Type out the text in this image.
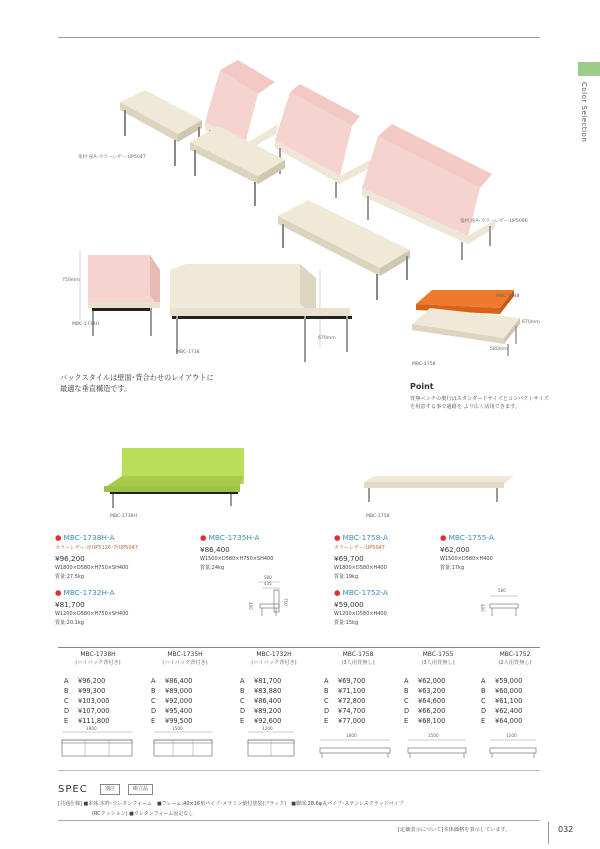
Color Selection
張材:座A･カラーレザー:UP5047
張材:座A･カラーレザー:UP5096
750mm
MBC-1738H
MBC-1738
670mm
MBC-1748
670mm
580mm
MBC-1758
バックスタイルは壁面･背合わせのレイアウトに最適な垂直構造です。	Point
背無ベンチの奥行はスタンダードサイズとコンパクトサイズを用意する事で通路を より広く活用できます。
MBC-1738H	MBC-1758
● MBC-1738H-A
カラーレザー:座UP5126･背UP5047
¥96,200
W1800×D580×H750×SH400
質量:27.5kg
● MBC-1735H-A
¥86,400
W1500×D580×H750×SH400
質量:24kg
● MBC-1758-A
カラーレザー:UP5047
¥69,700
W1800×D580×H400
質量:19kg
● MBC-1755-A
¥62,000
W1500×D580×H400
質量:17kg
● MBC-1732H-A
¥81,700
W1200×D580×H750×SH400
質量:20.1kg
● MBC-1752-A
¥59,000
W1200×D580×H400
質量:15kg
580
435
750
400
580
400
MBC-1738H
(ハイバック背付き)
A ¥96,200
B ¥99,300
C ¥103,000
D ¥107,000
E ¥111,800
MBC-1735H
(ハイバック背付き)
A ¥86,400
B ¥89,000
C ¥92,000
D ¥95,400
E ¥99,500
MBC-1732H
(ハイバック背付き)
A ¥81,700
B ¥83,880
C ¥86,400
D ¥89,200
E ¥92,600
MBC-1758
(3人用背無し)
A ¥69,700
B ¥71,100
C ¥72,800
D ¥74,700
E ¥77,000
MBC-1755
(3人用背無し)
A ¥62,000
B ¥63,200
C ¥64,600
D ¥66,200
E ¥68,100
MBC-1752
(2人用背無し)
A ¥59,000
B ¥60,000
C ¥61,100
D ¥62,400
E ¥64,000
1800	1500	1200
1800	1500	1200
SPEC	別注	組立品
[共通仕様] ■本体:木枠･ウレタンフォーム　■フレーム:40×16角パイプ･メラミン焼付塗装(ブラック)　■脚部:28.6φ丸パイプ･ステンレスクラッドパイプ
(RCクッション) ■ウレタンフォーム固定なし
[定価表示について]本体価格を表示しています。	032
